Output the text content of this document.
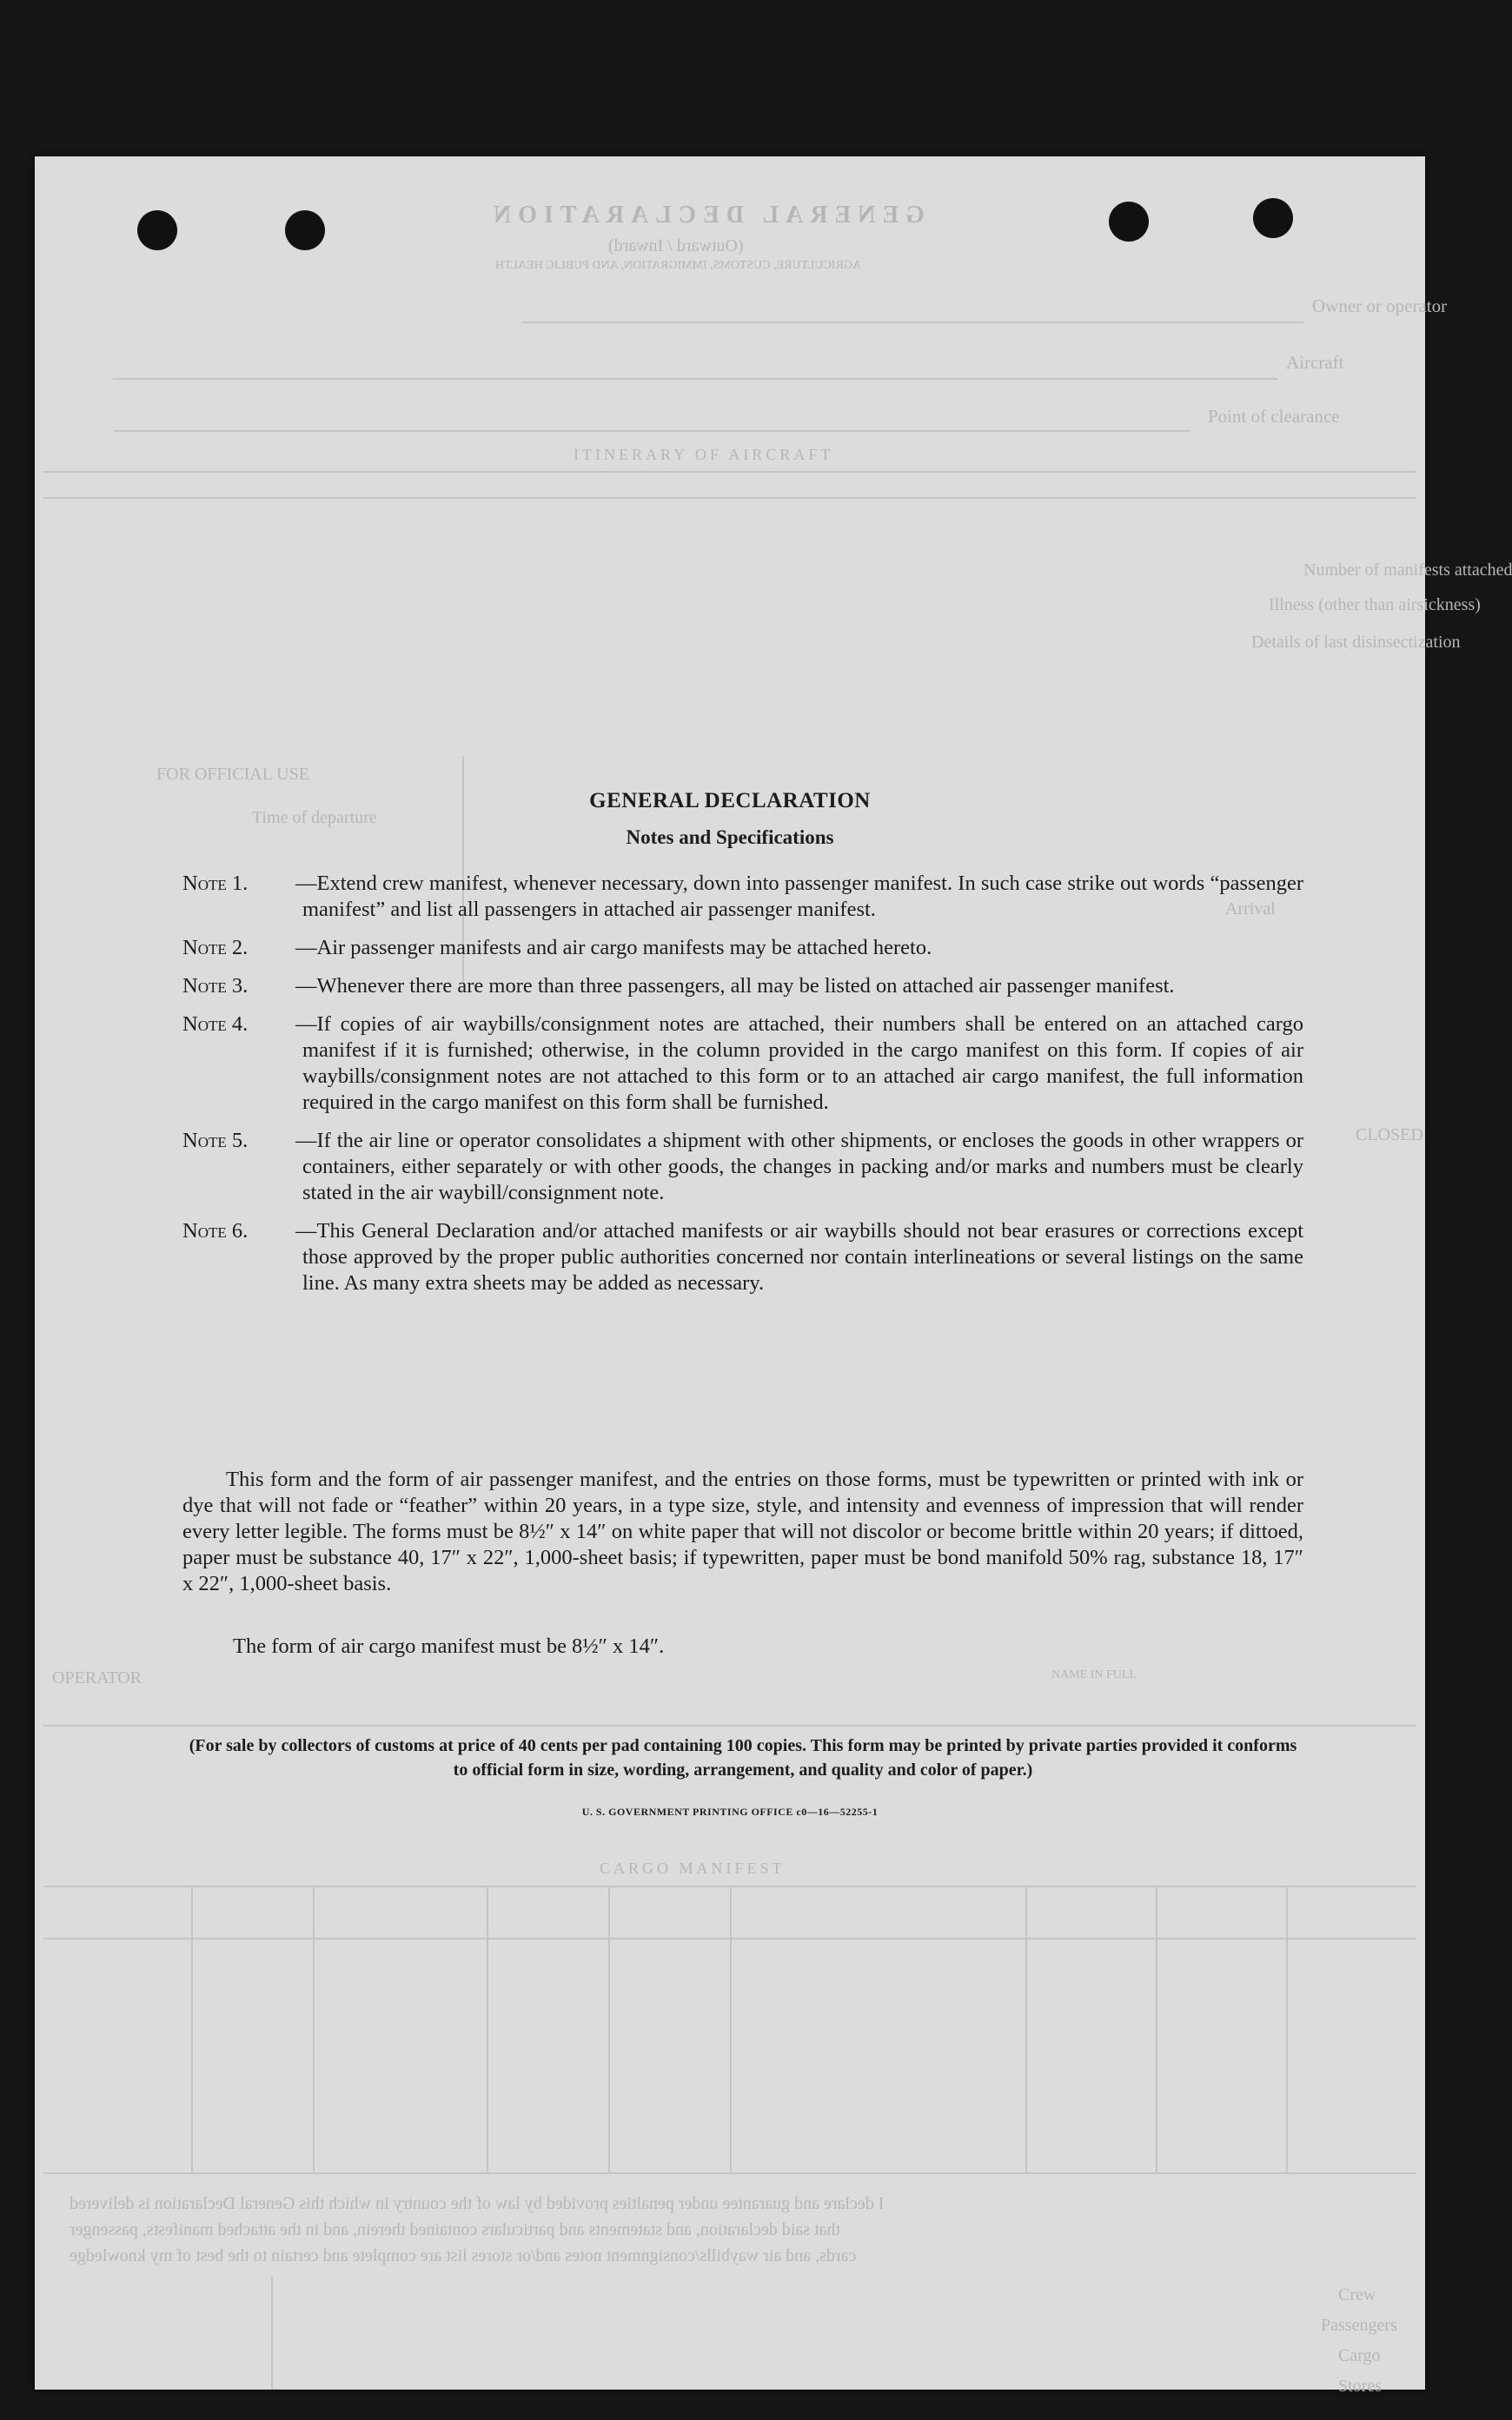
GENERAL DECLARATION
(Outward / Inward)
AGRICULTURE, CUSTOMS, IMMIGRATION, AND PUBLIC HEALTH
Owner or operator
Aircraft
Point of clearance
ITINERARY OF AIRCRAFT
Number of manifests attached
Illness (other than airsickness)
Details of last disinsectization
FOR OFFICIAL USE
Time of departure
Arrival
CLOSED
OPERATOR	NAME IN FULL
CARGO MANIFEST
I declare and guarantee under penalties provided by law of the country in which this General Declaration is delivered
that said declaration, and statements and particulars contained therein, and in the attached manifests, passenger
cards, and air waybills/consignment notes and/or stores list are complete and certain to the best of my knowledge
Crew
Passengers
Cargo
Stores
GENERAL DECLARATION
Notes and Specifications
Note 1.	—Extend crew manifest, whenever necessary, down into passenger manifest. In such case strike out words “passenger manifest” and list all passengers in attached air passenger manifest.
Note 2.	—Air passenger manifests and air cargo manifests may be attached hereto.
Note 3.	—Whenever there are more than three passengers, all may be listed on attached air passenger manifest.
Note 4.	—If copies of air waybills/consignment notes are attached, their numbers shall be entered on an attached cargo manifest if it is furnished; otherwise, in the column provided in the cargo manifest on this form. If copies of air waybills/consignment notes are not attached to this form or to an attached air cargo manifest, the full information required in the cargo manifest on this form shall be furnished.
Note 5.	—If the air line or operator consolidates a shipment with other shipments, or encloses the goods in other wrappers or containers, either separately or with other goods, the changes in packing and/or marks and numbers must be clearly stated in the air waybill/consignment note.
Note 6.	—This General Declaration and/or attached manifests or air waybills should not bear erasures or corrections except those approved by the proper public authorities concerned nor contain interlineations or several listings on the same line. As many extra sheets may be added as necessary.
This form and the form of air passenger manifest, and the entries on those forms, must be typewritten or printed with ink or dye that will not fade or “feather” within 20 years, in a type size, style, and intensity and evenness of impression that will render every letter legible. The forms must be 8½″ x 14″ on white paper that will not discolor or become brittle within 20 years; if dittoed, paper must be substance 40, 17″ x 22″, 1,000-sheet basis; if typewritten, paper must be bond manifold 50% rag, substance 18, 17″ x 22″, 1,000-sheet basis.
The form of air cargo manifest must be 8½″ x 14″.
(For sale by collectors of customs at price of 40 cents per pad containing 100 copies. This form may be printed by private parties provided it conforms to official form in size, wording, arrangement, and quality and color of paper.)
U. S. GOVERNMENT PRINTING OFFICE c0—16—52255-1
